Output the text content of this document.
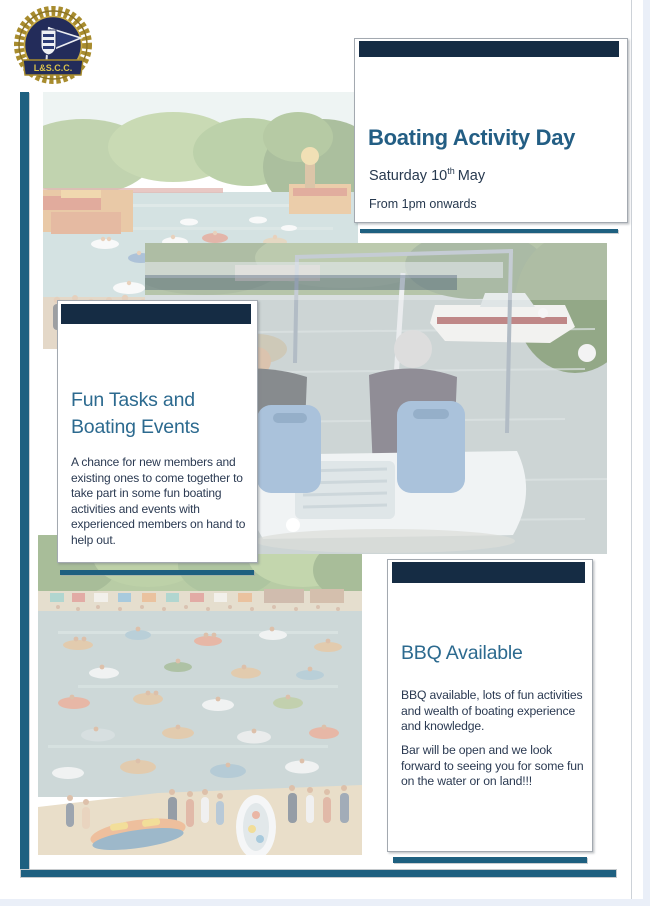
Boating Activity Day
Saturday 10th May
From 1pm onwards
Fun Tasks and
Boating Events
A chance for new members and existing ones to come together to take part in some fun boating activities and events with experienced members on hand to help out.
BBQ Available
BBQ available, lots of fun activities and wealth of boating experience and knowledge.
Bar will be open and we look forward to seeing you for some fun on the water or on land!!!
L&S.C.C.
